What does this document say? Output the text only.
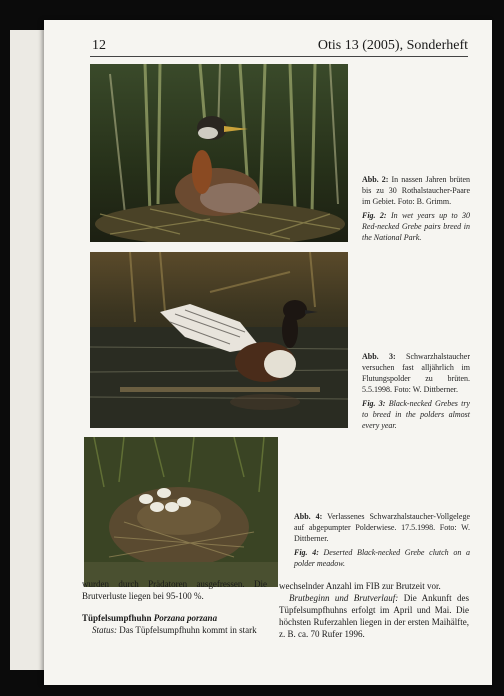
12	Otis 13 (2005), Sonderheft
Abb. 2: In nassen Jahren brüten bis zu 30 Rothalstaucher-Paare im Gebiet. Foto: B. Grimm.
Fig. 2: In wet years up to 30 Red-necked Grebe pairs breed in the National Park.
Abb. 3: Schwarzhalstaucher versuchen fast alljährlich im Flutungspolder zu brüten. 5.5.1998. Foto: W. Dittberner.
Fig. 3: Black-necked Grebes try to breed in the polders almost every year.
Abb. 4: Verlassenes Schwarzhalstaucher-Vollgelege auf abgepumpter Polderwiese. 17.5.1998. Foto: W. Dittberner.
Fig. 4: Deserted Black-necked Grebe clutch on a polder meadow.

wurden durch Prädatoren ausgefressen. Die Brutverluste liegen bei 95-100 %.

Tüpfelsumpfhuhn Porzana porzana

Status: Das Tüpfelsumpfhuhn kommt in stark

wechselnder Anzahl im FIB zur Brutzeit vor.

Brutbeginn und Brutverlauf: Die Ankunft des Tüpfelsumpfhuhns erfolgt im April und Mai. Die höchsten Ruferzahlen liegen in der ersten Maihälfte, z. B. ca. 70 Rufer 1996.
